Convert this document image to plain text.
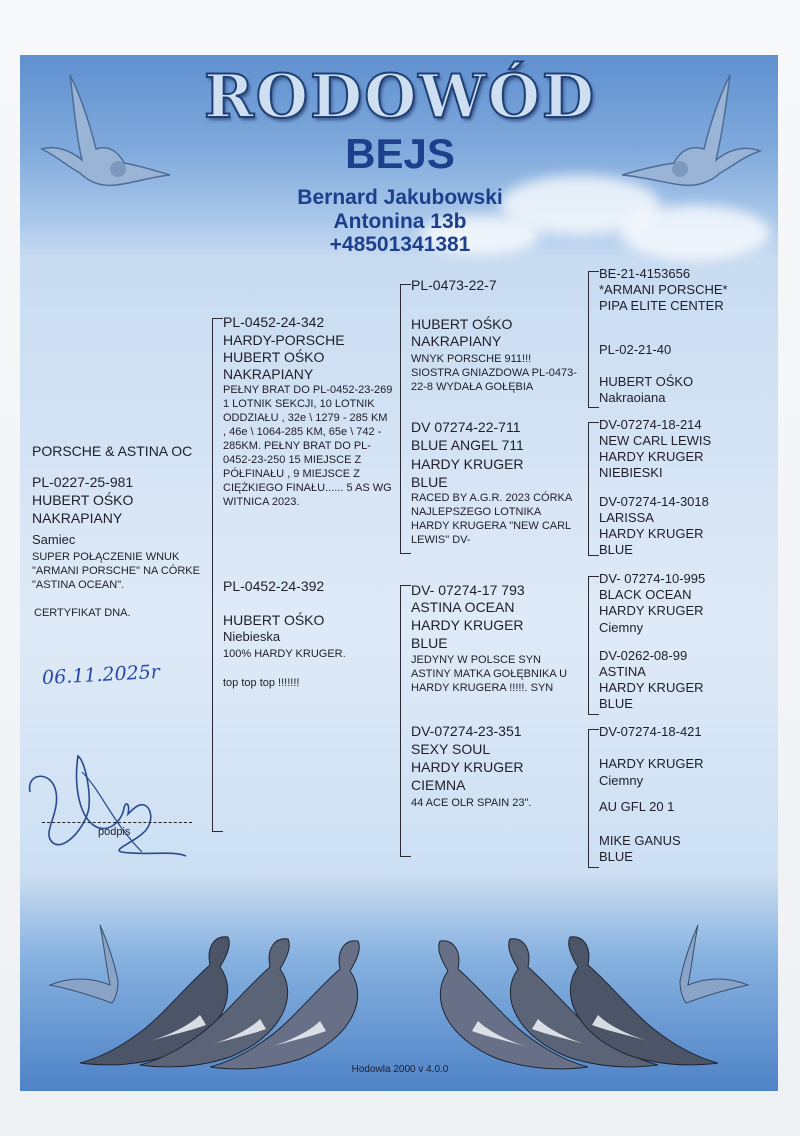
RODOWÓD
BEJS
Bernard Jakubowski
Antonina 13b
+48501341381
PORSCHE & ASTINA OC
PL-0227-25-981
HUBERT OŚKO
NAKRAPIANY
Samiec
SUPER POŁĄCZENIE WNUK "ARMANI PORSCHE" NA CÓRKE "ASTINA OCEAN".
CERTYFIKAT DNA.
PL-0452-24-342
HARDY-PORSCHE
HUBERT OŚKO
NAKRAPIANY
PEŁNY BRAT DO PL-0452-23-269 1 LOTNIK SEKCJI, 10 LOTNIK ODDZIAŁU , 32e \ 1279 - 285 KM , 46e \ 1064-285 KM, 65e \ 742 - 285KM. PEŁNY BRAT DO PL-0452-23-250 15 MIEJSCE Z PÓŁFINAŁU , 9 MIEJSCE Z CIĘŻKIEGO FINAŁU...... 5 AS WG WITNICA 2023.
PL-0452-24-392
HUBERT OŚKO
Niebieska
100% HARDY KRUGER.
top top top !!!!!!!
PL-0473-22-7
HUBERT OŚKO
NAKRAPIANY
WNYK PORSCHE 911!!! SIOSTRA GNIAZDOWA PL-0473-22-8 WYDAŁA GOŁĘBIA
DV 07274-22-711
BLUE ANGEL 711
HARDY KRUGER
BLUE
RACED BY A.G.R. 2023 CÓRKA NAJLEPSZEGO LOTNIKA HARDY KRUGERA "NEW CARL LEWIS" DV-
DV- 07274-17 793
ASTINA OCEAN
HARDY KRUGER
BLUE
JEDYNY W POLSCE SYN ASTINY MATKA GOŁĘBNIKA U HARDY KRUGERA !!!!!. SYN
DV-07274-23-351
SEXY SOUL
HARDY KRUGER
CIEMNA
44 ACE OLR SPAIN 23".
BE-21-4153656
*ARMANI PORSCHE*
PIPA ELITE CENTER
PL-02-21-40
HUBERT OŚKO
Nakraoiana
DV-07274-18-214
NEW CARL LEWIS
HARDY KRUGER
NIEBIESKI
DV-07274-14-3018
LARISSA
HARDY KRUGER
BLUE
DV- 07274-10-995
BLACK OCEAN
HARDY KRUGER
Ciemny
DV-0262-08-99
ASTINA
HARDY KRUGER
BLUE
DV-07274-18-421
HARDY KRUGER
Ciemny
AU GFL 20 1
MIKE GANUS
BLUE
06.11.2025r
podpis
Hodowla 2000 v 4.0.0
